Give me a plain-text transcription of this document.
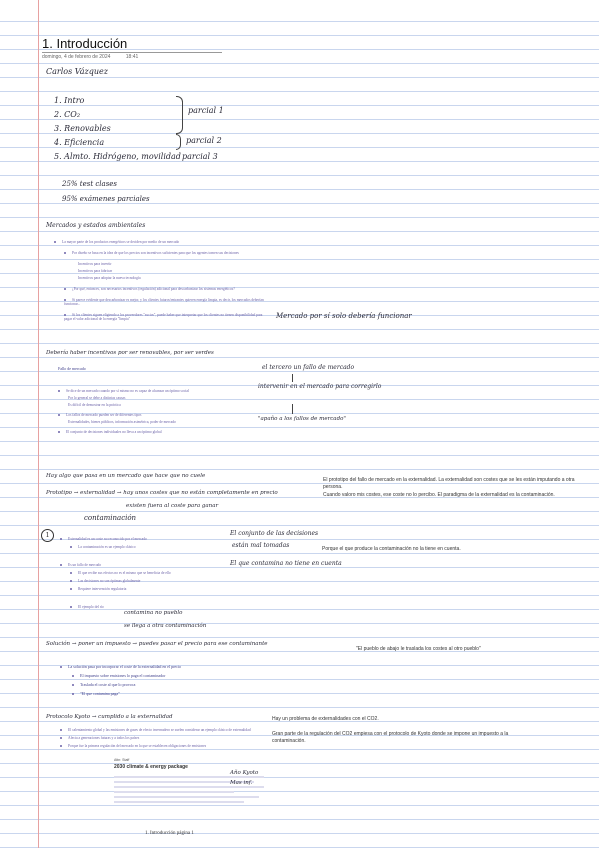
1. Introducción
domingo, 4 de febrero de 2024	18:41
Carlos Vázquez
1. Intro
2. CO₂
3. Renovables
4. Eficiencia
5. Almto. Hidrógeno, movilidad
parcial 1
parcial 2
parcial 3
25% test clases
95% exámenes parciales
Mercados y estados ambientales
La mayor parte de los productos energéticos se deciden por medio de un mercado
Por diseño se basa en la idea de que los precios son incentivos suficientes para que los agentes tomen sus decisiones
Incentivos para invertir
Incentivos para fabricar
Incentivos para adoptar la nueva tecnología
¿Por qué, entonces, son necesarios incentivos (regulación) adicional para descarbonizar los sistemas energéticos?
Si parece evidente que descarbonizar es mejor, y los clientes futuros/entrantes quieren energía limpia, es decir, los mercados deberían funcionar...
Si los clientes siguen eligiendo a los proveedores "sucios", puede haber que interpretar que los clientes no tienen disponibilidad para pagar el valor adicional de la energía "limpia"	Mercado por sí solo debería funcionar
Debería haber incentivos por ser renovables, por ser verdes
Fallo de mercado
Se dice de un mercado cuando por sí mismo no es capaz de alcanzar un óptimo social
Por lo general se debe a distintas causas
Es difícil de demostrar en la práctica
Los fallos de mercado pueden ser de diferentes tipos
Externalidades, bienes públicos, información asimétrica, poder de mercado
El conjunto de decisiones individuales no lleva a un óptimo global
el tercero un fallo de mercado
intervenir en el mercado para corregirlo
"apaño a los fallos de mercado"
Hay algo que pasa en un mercado que hace que no cuele
Prototipo → externalidad → hay unos costes que no están completamente en precio
existen fuera al coste para ganar
contaminación
El prototipo del fallo de mercado en la externalidad. La externalidad son costes que se les están imputando a otra persona.
Cuando valoro mis costes, ese coste no lo percibo. El paradigma de la externalidad es la contaminación.
1	Externalidad es un coste no reconocido por el mercado
La contaminación es un ejemplo clásico
Es un fallo de mercado
El que recibe sus efectos no es el mismo que se beneficia de ello
Las decisiones no son óptimas globalmente
Requiere intervención regulatoria
El ejemplo del río
El conjunto de las decisiones
están mal tomadas	Porque el que produce la contaminación no la tiene en cuenta.
El que contamina no tiene en cuenta
contamina no pueblo
se llega a otra contaminación
Solución → poner un impuesto → puedes pasar el precio para ese contaminante
"El pueblo de abajo le traslada los costes al otro pueblo"
La solución pasa por incorporar el coste de la externalidad en el precio
El impuesto sobre emisiones lo paga el contaminador
Traslada el coste al que lo provoca
"El que contamina paga"
Protocolo Kyoto → cumplido a la externalidad	Hay un problema de externalidades con el CO2.
Gran parte de la regulación del CO2 empiesa con el protocolo de Kyoto donde se impone un impuesto a la contaminación.
El calentamiento global y las emisiones de gases de efecto invernadero se suelen considerar un ejemplo clásico de externalidad
Afecta a generaciones futuras y a todos los países
Porque fue la primera regulación del mercado en la que se establecen obligaciones de emisiones
Attn: Staff
2030 climate & energy package
Año Kyoto
Mas inf.
1. Introducción página 1
